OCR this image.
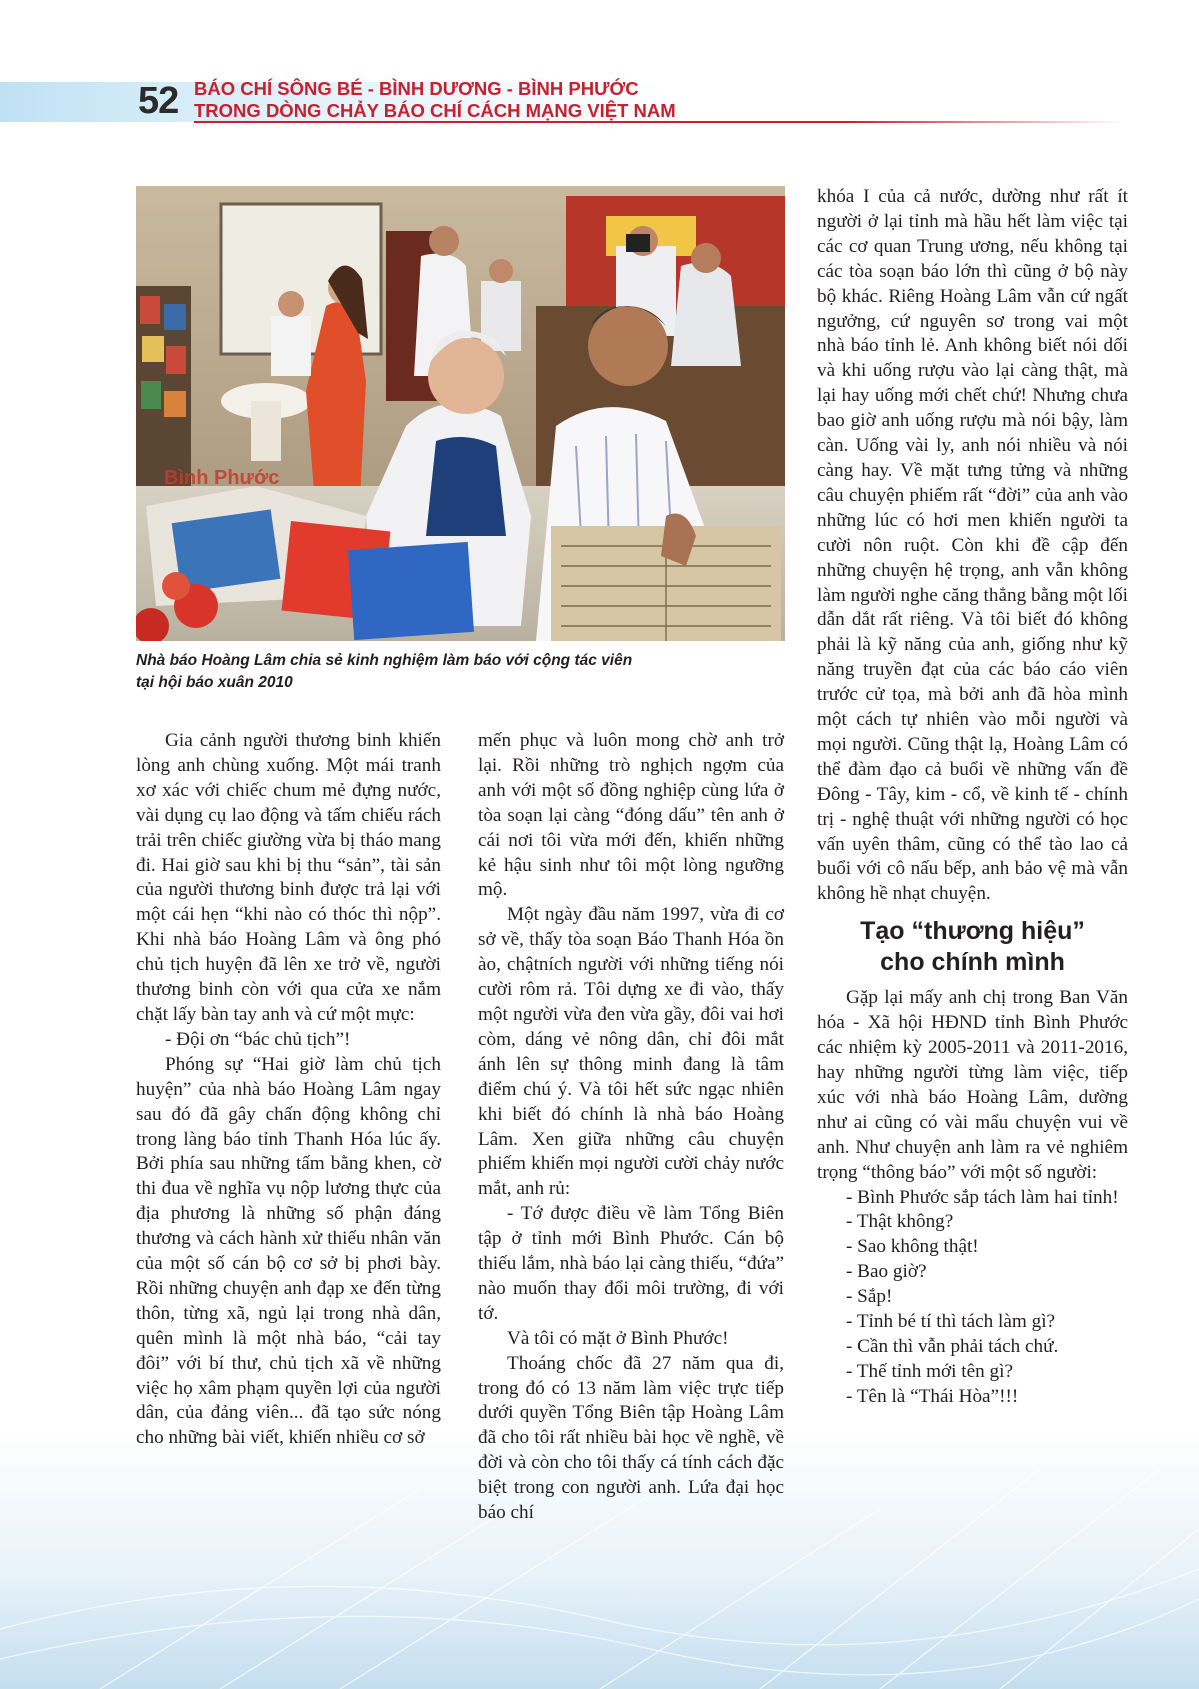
52 BÁO CHÍ SÔNG BÉ - BÌNH DƯƠNG - BÌNH PHƯỚC
TRONG DÒNG CHẢY BÁO CHÍ CÁCH MẠNG VIỆT NAM
Bình Phước
Nhà báo Hoàng Lâm chia sẻ kinh nghiệm làm báo với cộng tác viên
tại hội báo xuân 2010

Gia cảnh người thương binh khiến lòng anh chùng xuống. Một mái tranh xơ xác với chiếc chum mẻ đựng nước, vài dụng cụ lao động và tấm chiếu rách trải trên chiếc giường vừa bị tháo mang đi. Hai giờ sau khi bị thu “sản”, tài sản của người thương binh được trả lại với một cái hẹn “khi nào có thóc thì nộp”. Khi nhà báo Hoàng Lâm và ông phó chủ tịch huyện đã lên xe trở về, người thương binh còn với qua cửa xe nắm chặt lấy bàn tay anh và cứ một mực:

- Đội ơn “bác chủ tịch”!

Phóng sự “Hai giờ làm chủ tịch huyện” của nhà báo Hoàng Lâm ngay sau đó đã gây chấn động không chỉ trong làng báo tỉnh Thanh Hóa lúc ấy. Bởi phía sau những tấm bằng khen, cờ thi đua về nghĩa vụ nộp lương thực của địa phương là những số phận đáng thương và cách hành xử thiếu nhân văn của một số cán bộ cơ sở bị phơi bày. Rồi những chuyện anh đạp xe đến từng thôn, từng xã, ngủ lại trong nhà dân, quên mình là một nhà báo, “cải tay đôi” với bí thư, chủ tịch xã về những việc họ xâm phạm quyền lợi của người dân, của đảng viên... đã tạo sức nóng cho những bài viết, khiến nhiều cơ sở

mến phục và luôn mong chờ anh trở lại. Rồi những trò nghịch ngợm của anh với một số đồng nghiệp cùng lứa ở tòa soạn lại càng “đóng dấu” tên anh ở cái nơi tôi vừa mới đến, khiến những kẻ hậu sinh như tôi một lòng ngưỡng mộ.

Một ngày đầu năm 1997, vừa đi cơ sở về, thấy tòa soạn Báo Thanh Hóa ồn ào, chậtních người với những tiếng nói cười rôm rả. Tôi dựng xe đi vào, thấy một người vừa đen vừa gầy, đôi vai hơi còm, dáng vẻ nông dân, chỉ đôi mắt ánh lên sự thông minh đang là tâm điểm chú ý. Và tôi hết sức ngạc nhiên khi biết đó chính là nhà báo Hoàng Lâm. Xen giữa những câu chuyện phiếm khiến mọi người cười chảy nước mắt, anh rủ:

- Tớ được điều về làm Tổng Biên tập ở tỉnh mới Bình Phước. Cán bộ thiếu lắm, nhà báo lại càng thiếu, “đứa” nào muốn thay đổi môi trường, đi với tớ.

Và tôi có mặt ở Bình Phước!

Thoáng chốc đã 27 năm qua đi, trong đó có 13 năm làm việc trực tiếp dưới quyền Tổng Biên tập Hoàng Lâm đã cho tôi rất nhiều bài học về nghề, về đời và còn cho tôi thấy cá tính cách đặc biệt trong con người anh. Lứa đại học báo chí

khóa I của cả nước, dường như rất ít người ở lại tỉnh mà hầu hết làm việc tại các cơ quan Trung ương, nếu không tại các tòa soạn báo lớn thì cũng ở bộ này bộ khác. Riêng Hoàng Lâm vẫn cứ ngất ngưởng, cứ nguyên sơ trong vai một nhà báo tỉnh lẻ. Anh không biết nói dối và khi uống rượu vào lại càng thật, mà lại hay uống mới chết chứ! Nhưng chưa bao giờ anh uống rượu mà nói bậy, làm càn. Uống vài ly, anh nói nhiều và nói càng hay. Về mặt tưng tửng và những câu chuyện phiếm rất “đời” của anh vào những lúc có hơi men khiến người ta cười nôn ruột. Còn khi đề cập đến những chuyện hệ trọng, anh vẫn không làm người nghe căng thẳng bằng một lối dẫn dắt rất riêng. Và tôi biết đó không phải là kỹ năng của anh, giống như kỹ năng truyền đạt của các báo cáo viên trước cử tọa, mà bởi anh đã hòa mình một cách tự nhiên vào mỗi người và mọi người. Cũng thật lạ, Hoàng Lâm có thể đàm đạo cả buổi về những vấn đề Đông - Tây, kim - cổ, về kinh tế - chính trị - nghệ thuật với những người có học vấn uyên thâm, cũng có thể tào lao cả buổi với cô nấu bếp, anh bảo vệ mà vẫn không hề nhạt chuyện.

Tạo “thương hiệu”
cho chính mình

Gặp lại mấy anh chị trong Ban Văn hóa - Xã hội HĐND tỉnh Bình Phước các nhiệm kỳ 2005-2011 và 2011-2016, hay những người từng làm việc, tiếp xúc với nhà báo Hoàng Lâm, dường như ai cũng có vài mẩu chuyện vui về anh. Như chuyện anh làm ra vẻ nghiêm trọng “thông báo” với một số người:

- Bình Phước sắp tách làm hai tỉnh!

- Thật không?

- Sao không thật!

- Bao giờ?

- Sắp!

- Tỉnh bé tí thì tách làm gì?

- Cần thì vẫn phải tách chứ.

- Thế tỉnh mới tên gì?

- Tên là “Thái Hòa”!!!
